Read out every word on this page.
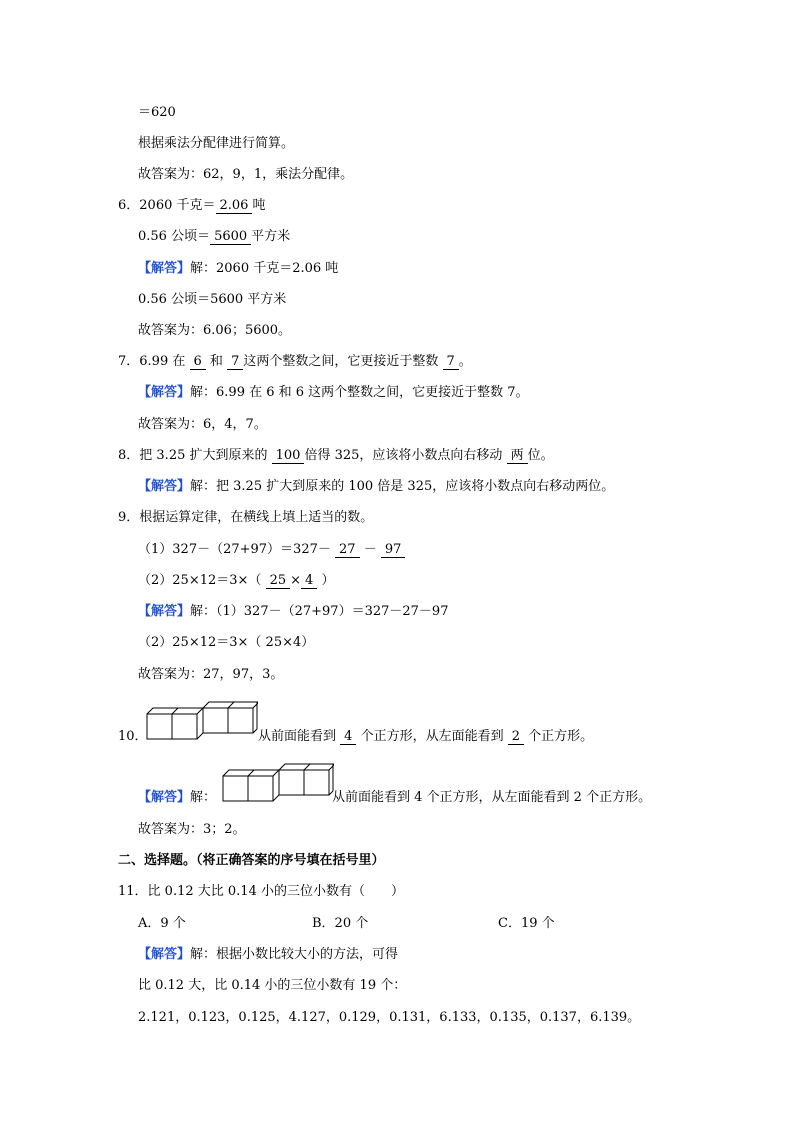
＝620
根据乘法分配律进行简算。
故答案为：62，9，1，乘法分配律。
6．2060 千克＝ 2.06 吨
0.56 公顷＝ 5600 平方米
【解答】解：2060 千克＝2.06 吨
0.56 公顷＝5600 平方米
故答案为：6.06；5600。
7．6.99 在 6 和 7 这两个整数之间，它更接近于整数 7 。
【解答】解：6.99 在 6 和 6 这两个整数之间，它更接近于整数 7。
故答案为：6，4，7。
8．把 3.25 扩大到原来的 100 倍得 325，应该将小数点向右移动 两 位。
【解答】解：把 3.25 扩大到原来的 100 倍是 325，应该将小数点向右移动两位。
9．根据运算定律，在横线上填上适当的数。
（1）327－（27+97）＝327－ 27 － 97
（2）25×12＝3×（ 25 × 4 ）
【解答】解：（1）327－（27+97）＝327－27－97
（2）25×12＝3×（ 25×4）
故答案为：27，97，3。
10．	从前面能看到 4 个正方形，从左面能看到 2 个正方形。
【解答】解：	从前面能看到 4 个正方形，从左面能看到 2 个正方形。
故答案为：3；2。
二、选择题。（将正确答案的序号填在括号里）
11．比 0.12 大比 0.14 小的三位小数有（　　）
A．9 个	B．20 个	C．19 个
【解答】解：根据小数比较大小的方法，可得
比 0.12 大，比 0.14 小的三位小数有 19 个：
2.121，0.123，0.125，4.127，0.129，0.131，6.133，0.135，0.137，6.139。
